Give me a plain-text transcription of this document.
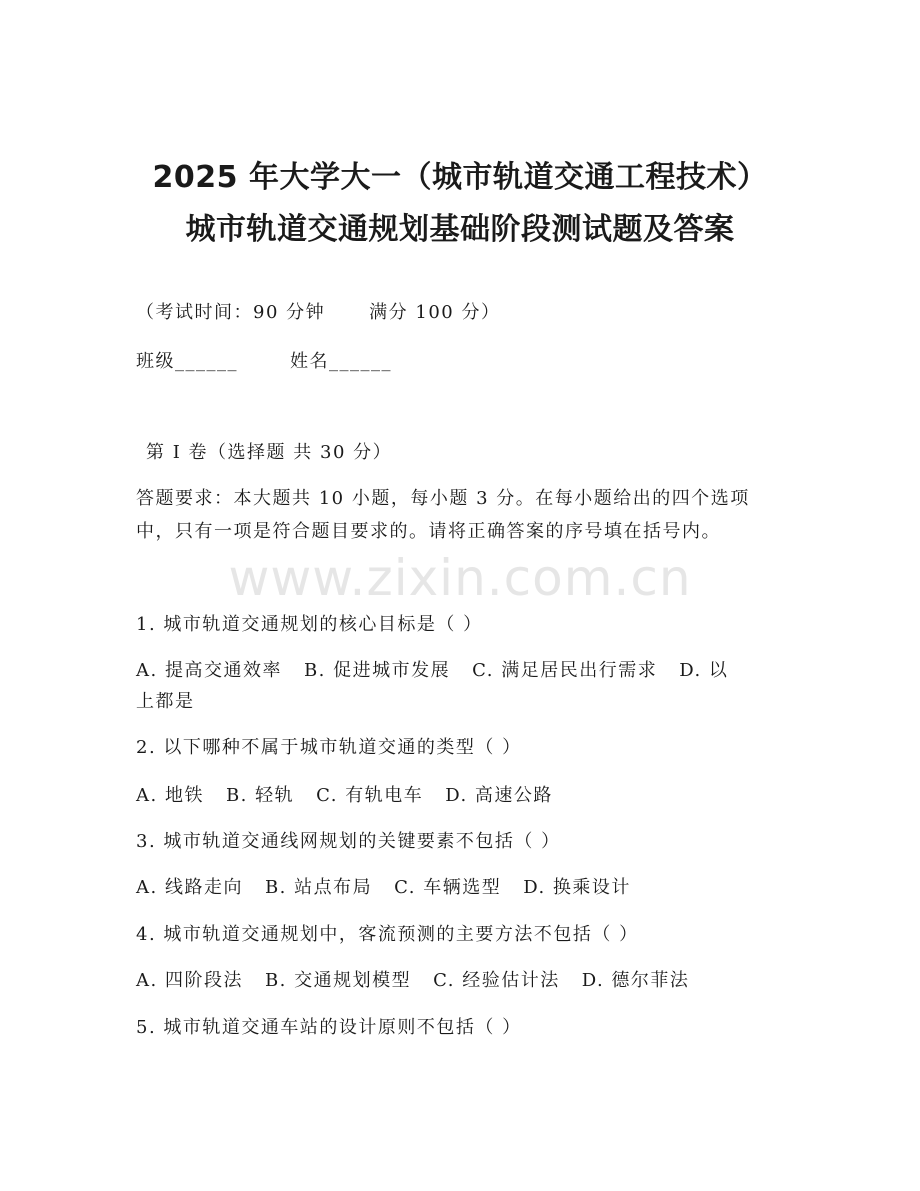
2025 年大学大一（城市轨道交通工程技术）
城市轨道交通规划基础阶段测试题及答案
（考试时间：90 分钟 满分 100 分）
班级______	姓名______
第 I 卷（选择题 共 30 分）
答题要求：本大题共 10 小题，每小题 3 分。在每小题给出的四个选项
中，只有一项是符合题目要求的。请将正确答案的序号填在括号内。
www.zixin.com.cn
1. 城市轨道交通规划的核心目标是（ ）
A. 提高交通效率 B. 促进城市发展 C. 满足居民出行需求 D. 以
上都是
2. 以下哪种不属于城市轨道交通的类型（ ）
A. 地铁 B. 轻轨 C. 有轨电车 D. 高速公路
3. 城市轨道交通线网规划的关键要素不包括（ ）
A. 线路走向 B. 站点布局 C. 车辆选型 D. 换乘设计
4. 城市轨道交通规划中，客流预测的主要方法不包括（ ）
A. 四阶段法 B. 交通规划模型 C. 经验估计法 D. 德尔菲法
5. 城市轨道交通车站的设计原则不包括（ ）
